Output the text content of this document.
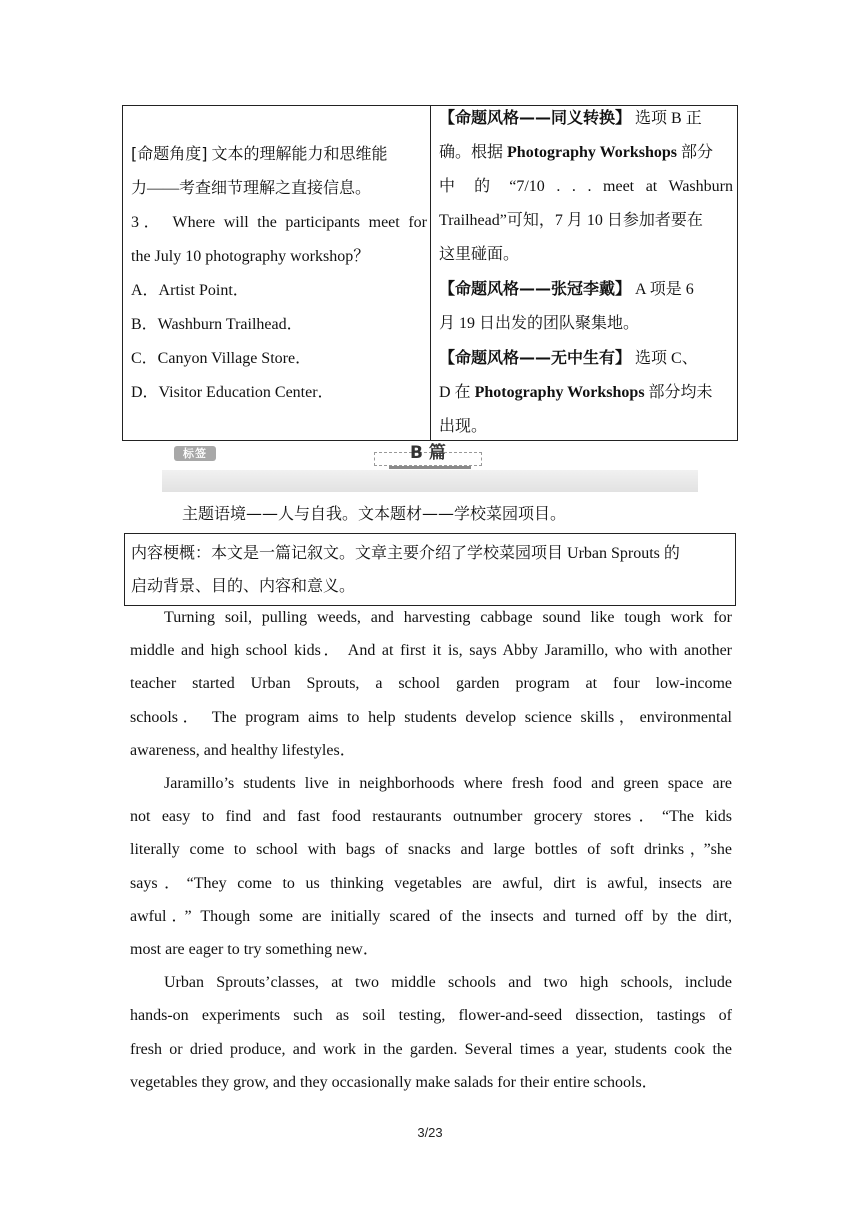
[命题角度] 文本的理解能力和思维能
力——考查细节理解之直接信息。
3． Where will the participants meet for
the July 10 photography workshop？
A．Artist Point．
B．Washburn Trailhead．
C．Canyon Village Store．
D．Visitor Education Center．
【命题风格——同义转换】 选项 B 正
确。根据 Photography Workshops 部分
中 的 “7/10 . . . meet at Washburn
Trailhead”可知，7 月 10 日参加者要在
这里碰面。
【命题风格——张冠李戴】 A 项是 6
月 19 日出发的团队聚集地。
【命题风格——无中生有】 选项 C、
D 在 Photography Workshops 部分均未
出现。
标签	B 篇
主题语境——人与自我。文本题材——学校菜园项目。
内容梗概：本文是一篇记叙文。文章主要介绍了学校菜园项目 Urban Sprouts 的
启动背景、目的、内容和意义。
Turning soil, pulling weeds, and harvesting cabbage sound like tough work for
middle and high school kids． And at first it is, says Abby Jaramillo, who with another
teacher started Urban Sprouts, a school garden program at four low-income
schools． The program aims to help students develop science skills，environmental
awareness, and healthy lifestyles．
Jaramillo’s students live in neighborhoods where fresh food and green space are
not easy to find and fast food restaurants outnumber grocery stores．“The kids
literally come to school with bags of snacks and large bottles of soft drinks，”she
says．“They come to us thinking vegetables are awful, dirt is awful, insects are
awful．” Though some are initially scared of the insects and turned off by the dirt,
most are eager to try something new．
Urban Sprouts’classes, at two middle schools and two high schools, include
hands-on experiments such as soil testing, flower-and-seed dissection, tastings of
fresh or dried produce, and work in the garden. Several times a year, students cook the
vegetables they grow, and they occasionally make salads for their entire schools．
3/23
